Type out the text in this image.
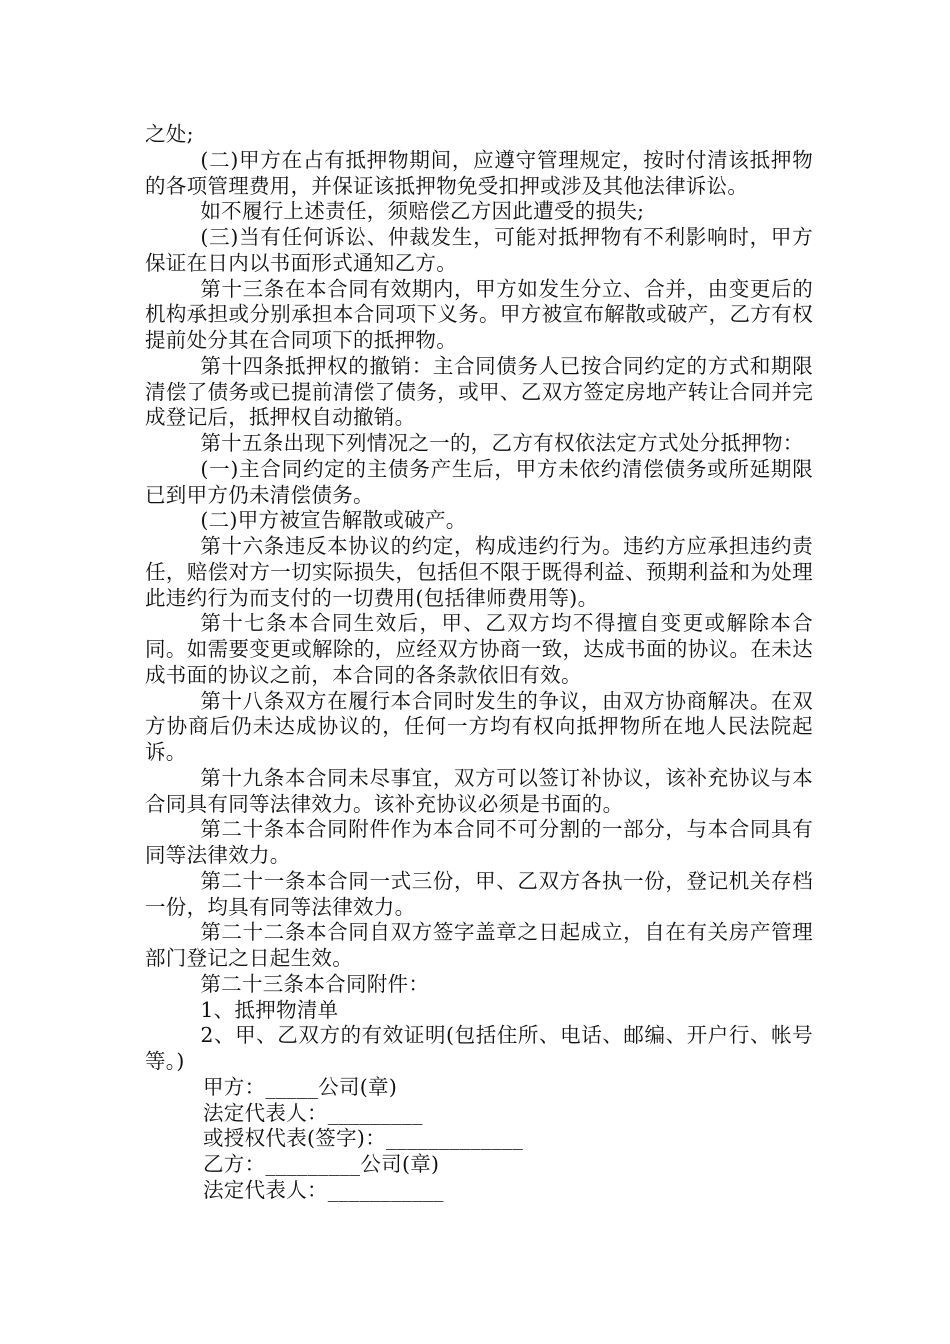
之处;

(二)甲方在占有抵押物期间，应遵守管理规定，按时付清该抵押物的各项管理费用，并保证该抵押物免受扣押或涉及其他法律诉讼。

如不履行上述责任，须赔偿乙方因此遭受的损失;

(三)当有任何诉讼、仲裁发生，可能对抵押物有不利影响时，甲方保证在日内以书面形式通知乙方。

第十三条在本合同有效期内，甲方如发生分立、合并，由变更后的机构承担或分别承担本合同项下义务。甲方被宣布解散或破产，乙方有权提前处分其在合同项下的抵押物。

第十四条抵押权的撤销：主合同债务人已按合同约定的方式和期限清偿了债务或已提前清偿了债务，或甲、乙双方签定房地产转让合同并完成登记后，抵押权自动撤销。

第十五条出现下列情况之一的，乙方有权依法定方式处分抵押物：

(一)主合同约定的主债务产生后，甲方未依约清偿债务或所延期限已到甲方仍未清偿债务。

(二)甲方被宣告解散或破产。

第十六条违反本协议的约定，构成违约行为。违约方应承担违约责任，赔偿对方一切实际损失，包括但不限于既得利益、预期利益和为处理此违约行为而支付的一切费用(包括律师费用等)。

第十七条本合同生效后，甲、乙双方均不得擅自变更或解除本合同。如需要变更或解除的，应经双方协商一致，达成书面的协议。在未达成书面的协议之前，本合同的各条款依旧有效。

第十八条双方在履行本合同时发生的争议，由双方协商解决。在双方协商后仍未达成协议的，任何一方均有权向抵押物所在地人民法院起诉。

第十九条本合同未尽事宜，双方可以签订补协议，该补充协议与本合同具有同等法律效力。该补充协议必须是书面的。

第二十条本合同附件作为本合同不可分割的一部分，与本合同具有同等法律效力。

第二十一条本合同一式三份，甲、乙双方各执一份，登记机关存档一份，均具有同等法律效力。

第二十二条本合同自双方签字盖章之日起成立，自在有关房产管理部门登记之日起生效。

第二十三条本合同附件：

1、抵押物清单

2、甲、乙双方的有效证明(包括住所、电话、邮编、开户行、帐号等。)

甲方：_____公司(章)

法定代表人：_________

或授权代表(签字)：_____________

乙方：_________公司(章)

法定代表人：___________
